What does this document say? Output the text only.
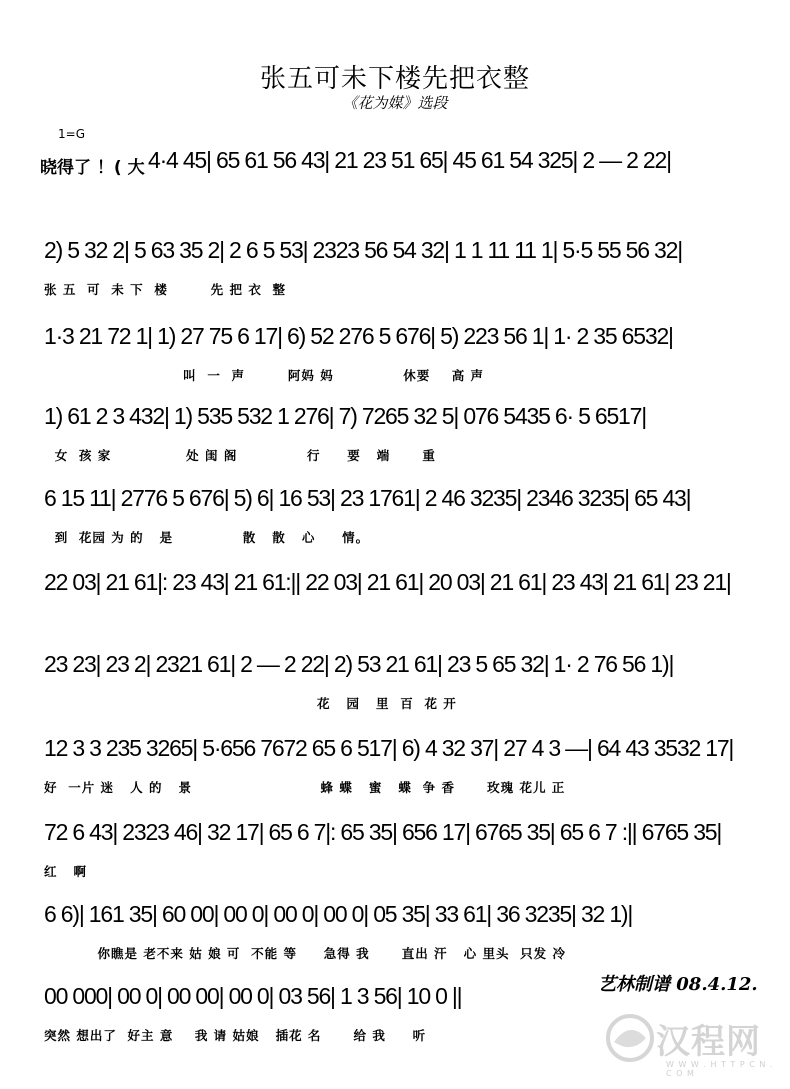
张五可未下楼先把衣整
《花为媒》选段
1=G
晓得了 ！( 大 4·4 45| 65 61 56 43| 21 23 51 65| 45 61 54 325| 2 — 2 22|
2) 5 32 2| 5 63 35 2| 2 6 5 53| 2323 56 54 32| 1 1 11 11 1| 5·5 55 56 32|
张 五  可  未 下  楼        先 把 衣  整
1·3 21 72 1| 1) 27 75 6 17| 6) 52 276 5 676| 5) 223 56 1| 1· 2 35 6532|
叫  一  声        阿妈 妈             休要    高 声
1) 61 2 3 432| 1) 535 532 1 276| 7) 7265 32 5| 076 5435 6· 5 6517|
女  孩 家              处 闺 阁             行     要   端      重
6 15 11| 2776 5 676| 5) 6| 16 53| 23 1761| 2 46 3235| 2346 3235| 65 43|
到  花园 为 的   是             散   散   心     情。
22 03| 21 61|: 23 43| 21 61:|| 22 03| 21 61| 20 03| 21 61| 23 43| 21 61| 23 21|
23 23| 23 2| 2321 61| 2 — 2 22| 2) 53 21 61| 23 5 65 32| 1· 2 76 56 1)|
花   园   里  百  花 开
12 3 3 235 3265| 5·656 7672 65 6 517| 6) 4 32 37| 27 4 3 —| 64 43 3532 17|
好  一片 迷   人 的   景                        蜂 蝶   蜜   蝶  争 香      玫瑰 花儿 正
72 6 43| 2323 46| 32 17| 65 6 7|: 65 35| 656 17| 6765 35| 65 6 7 :|| 6765 35|
红   啊
6 6)| 161 35| 60 00| 00 0| 00 0| 00 0| 05 35| 33 61| 36 3235| 32 1)|
你瞧是 老不来 姑 娘 可  不能 等     急得 我      直出 汗   心 里头  只发 冷
00 000| 00 0| 00 00| 00 0| 03 56| 1 3 56| 10 0 ||
突然 想出了  好主 意    我 请 姑娘   插花 名      给 我     听
艺林制谱 08.4.12.
汉程网
W W W . H T T P C N . C O M
